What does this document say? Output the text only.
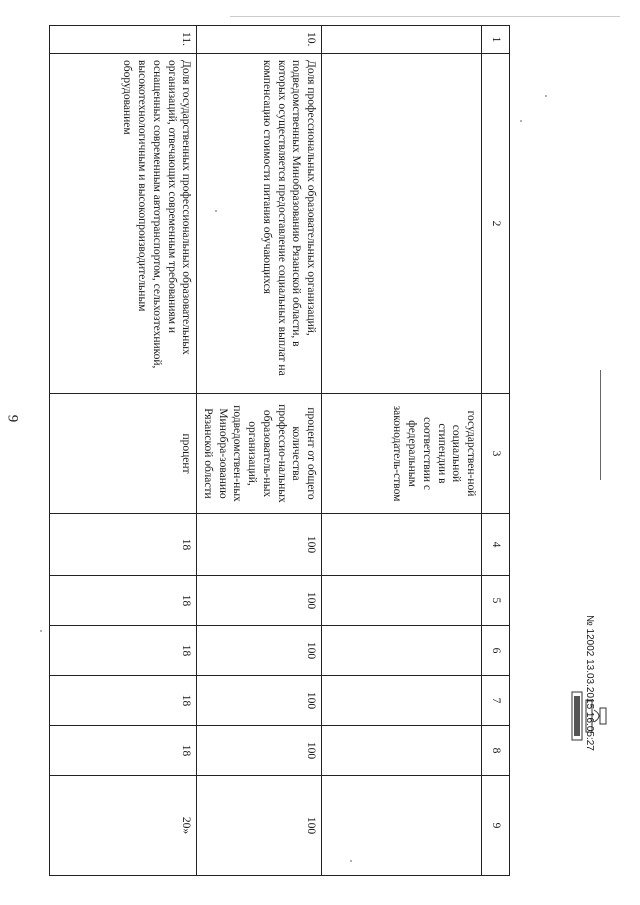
9
1	2	3	4	5	6	7	8	9
		государствен-ной социальной стипендии в соответствии с федеральным законодатель-ством						
10.	Доля профессиональных образовательных организаций, подведомственных Минобразованию Рязанской области, в которых осуществляется предоставление социальных выплат на компенсацию стоимости питания обучающихся	процент от общего количества профессио-нальных образователь-ных организаций, подведомствен-ных Минобра-зованию Рязанской области	100	100	100	100	100	100
11.	Доля государственных профессиональных образовательных организаций, отвечающих современным требованиям и оснащенных современным автотранспортом, сельхозтехникой, высокотехнологичным и высокопроизводительным оборудованием	процент	18	18	18	18	18	20»
№ 12002 13.03.2015 16:05:27
